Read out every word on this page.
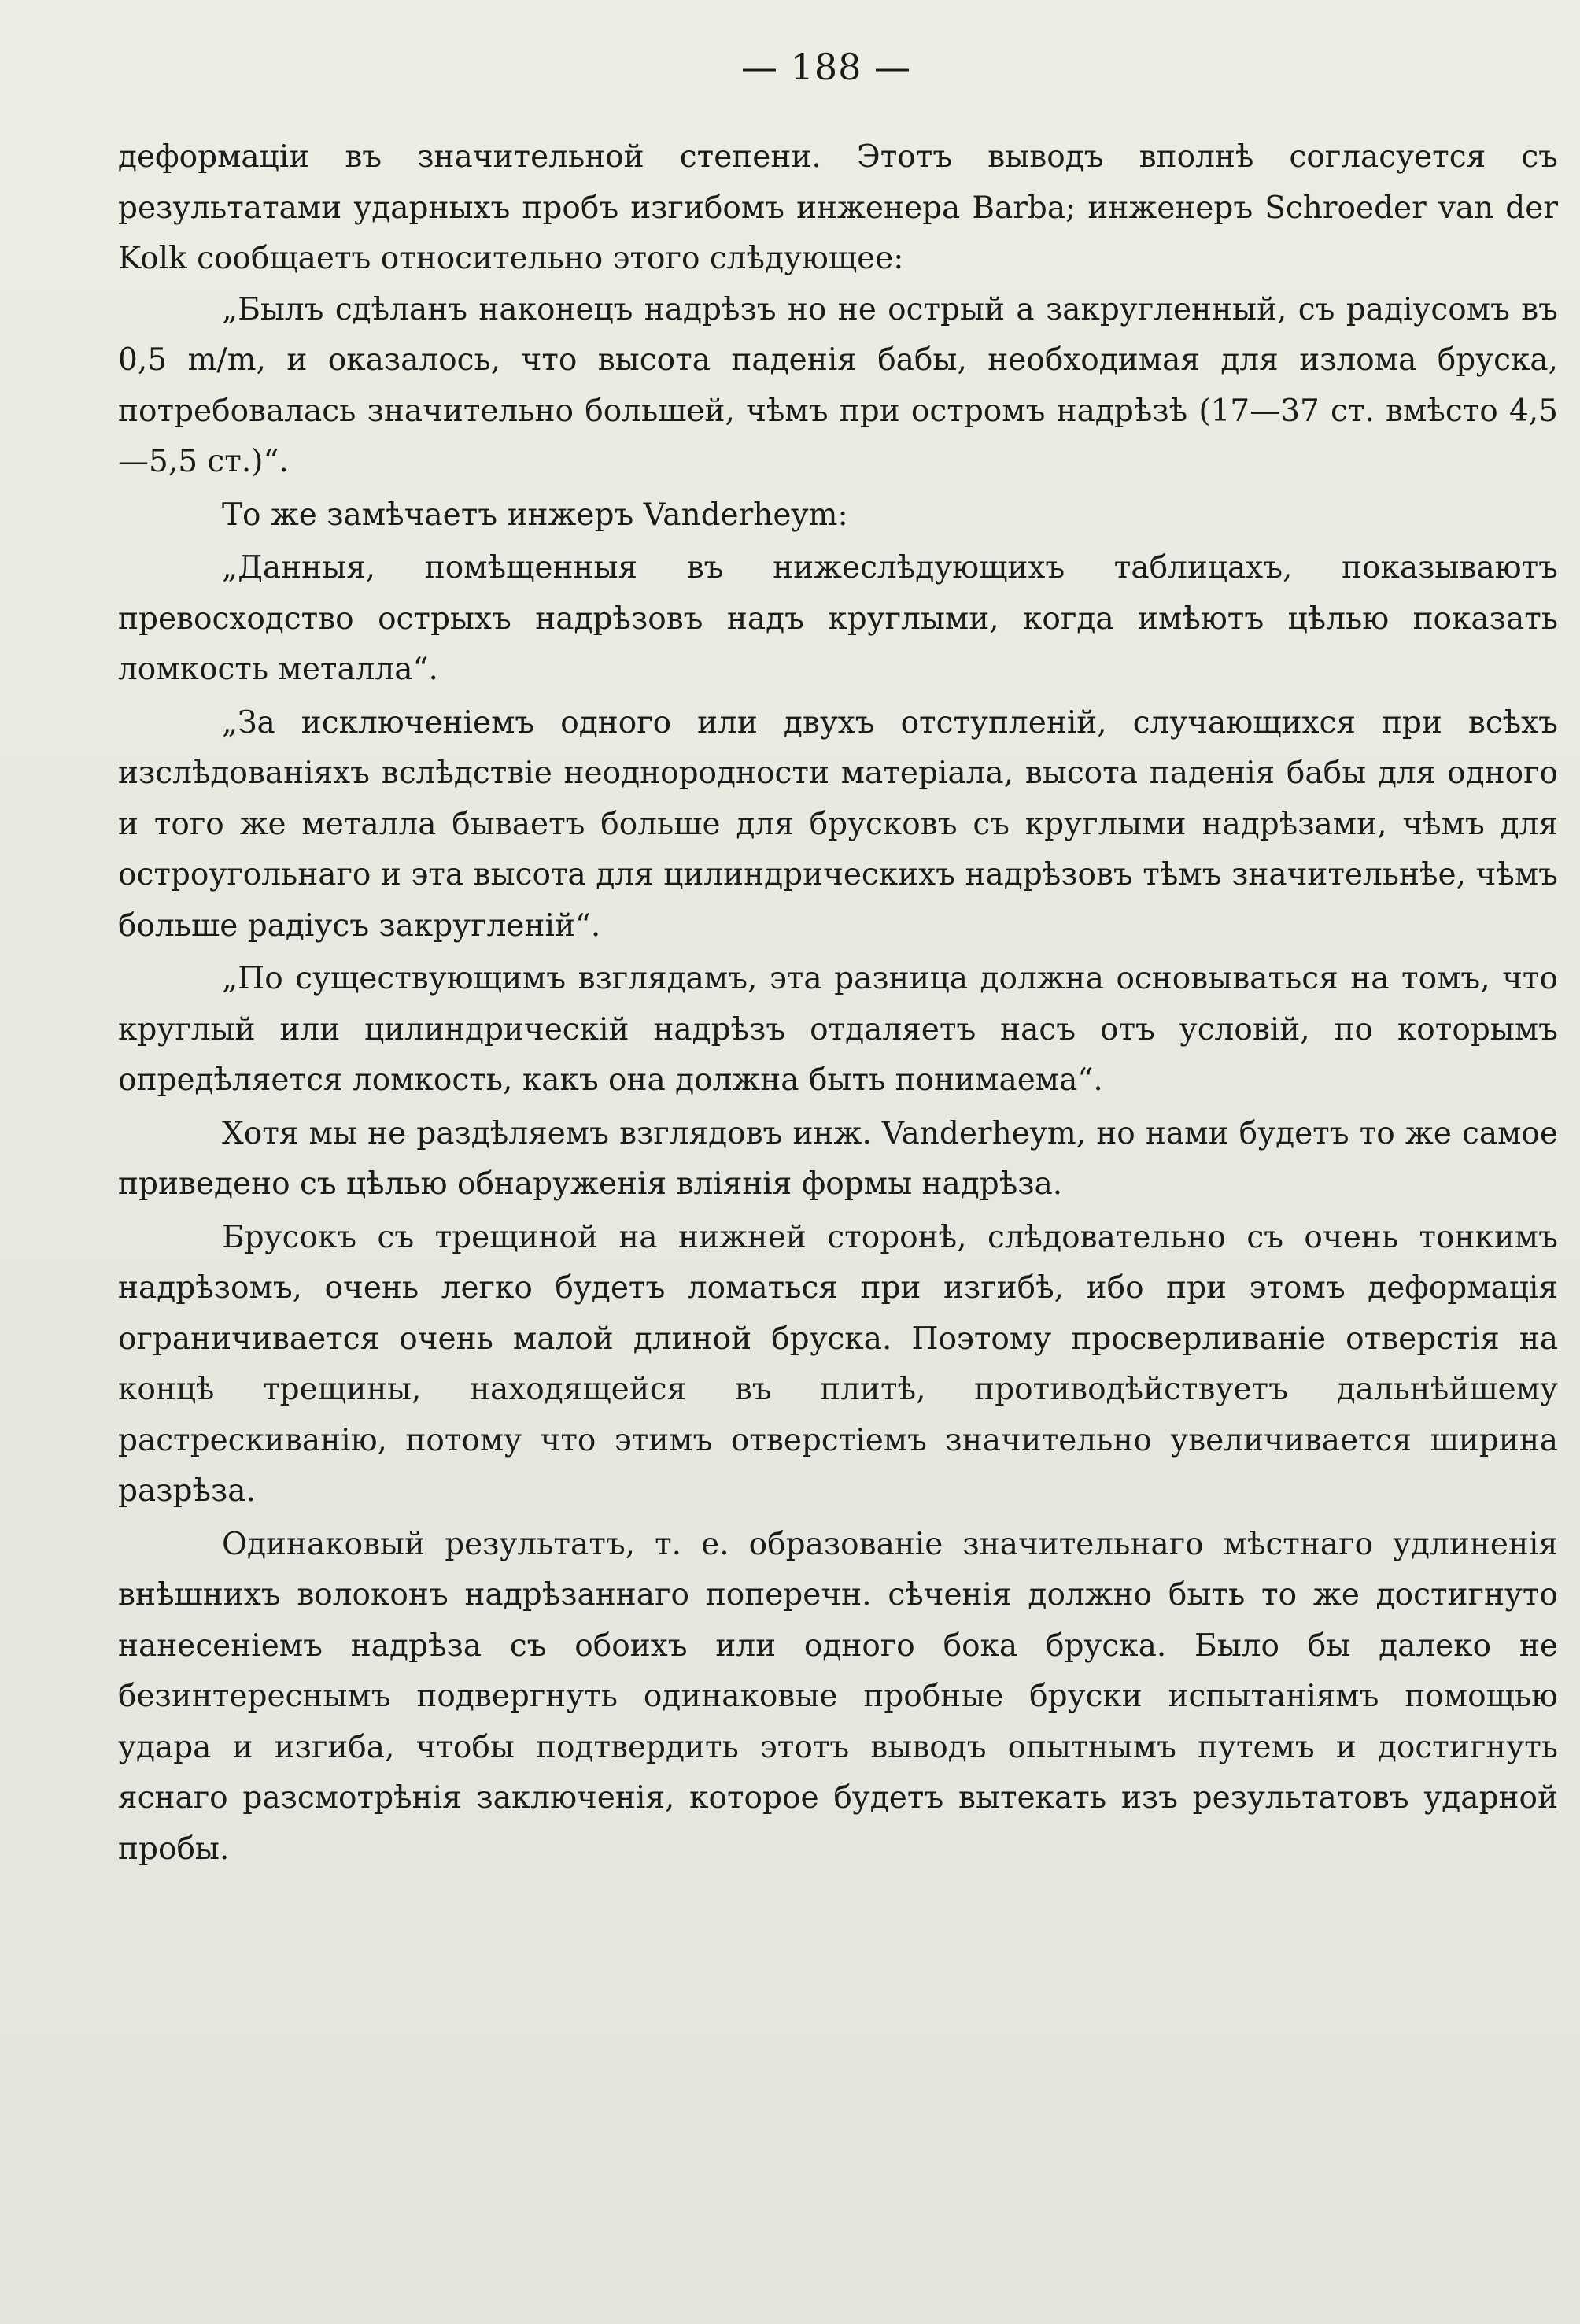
— 188 —

деформаціи въ значительной степени. Этотъ выводъ вполнѣ согласуется съ результатами ударныхъ пробъ изгибомъ инженера Barba; инженеръ Schroeder van der Kolk сообщаетъ относительно этого слѣдующее:

„Былъ сдѣланъ наконецъ надрѣзъ но не острый а закругленный, съ радіусомъ въ 0,5 m/m, и оказалось, что высота паденія бабы, необходимая для излома бруска, потребовалась значительно большей, чѣмъ при остромъ надрѣзѣ (17—37 ст. вмѣсто 4,5—5,5 ст.)“.

То же замѣчаетъ инжеръ Vanderheym:

„Данныя, помѣщенныя въ нижеслѣдующихъ таблицахъ, показываютъ превосходство острыхъ надрѣзовъ надъ круглыми, когда имѣютъ цѣлью показать ломкость металла“.

„За исключеніемъ одного или двухъ отступленій, случающихся при всѣхъ изслѣдованіяхъ вслѣдствіе неоднородности матеріала, высота паденія бабы для одного и того же металла бываетъ больше для брусковъ съ круглыми надрѣзами, чѣмъ для остроугольнаго и эта высота для цилиндрическихъ надрѣзовъ тѣмъ значительнѣе, чѣмъ больше радіусъ закругленій“.

„По существующимъ взглядамъ, эта разница должна основываться на томъ, что круглый или цилиндрическій надрѣзъ отдаляетъ насъ отъ условій, по которымъ опредѣляется ломкость, какъ она должна быть понимаема“.

Хотя мы не раздѣляемъ взглядовъ инж. Vanderheym, но нами будетъ то же самое приведено съ цѣлью обнаруженія вліянія формы надрѣза.

Брусокъ съ трещиной на нижней сторонѣ, слѣдовательно съ очень тонкимъ надрѣзомъ, очень легко будетъ ломаться при изгибѣ, ибо при этомъ деформація ограничивается очень малой длиной бруска. Поэтому просверливаніе отверстія на концѣ трещины, находящейся въ плитѣ, противодѣйствуетъ дальнѣйшему растрескиванію, потому что этимъ отверстіемъ значительно увеличивается ширина разрѣза.

Одинаковый результатъ, т. е. образованіе значительнаго мѣстнаго удлиненія внѣшнихъ волоконъ надрѣзаннаго поперечн. сѣченія должно быть то же достигнуто нанесеніемъ надрѣза съ обоихъ или одного бока бруска. Было бы далеко не безинтереснымъ подвергнуть одинаковые пробные бруски испытаніямъ помощью удара и изгиба, чтобы подтвердить этотъ выводъ опытнымъ путемъ и достигнуть яснаго разсмотрѣнія заключенія, которое будетъ вытекать изъ результатовъ ударной пробы.
